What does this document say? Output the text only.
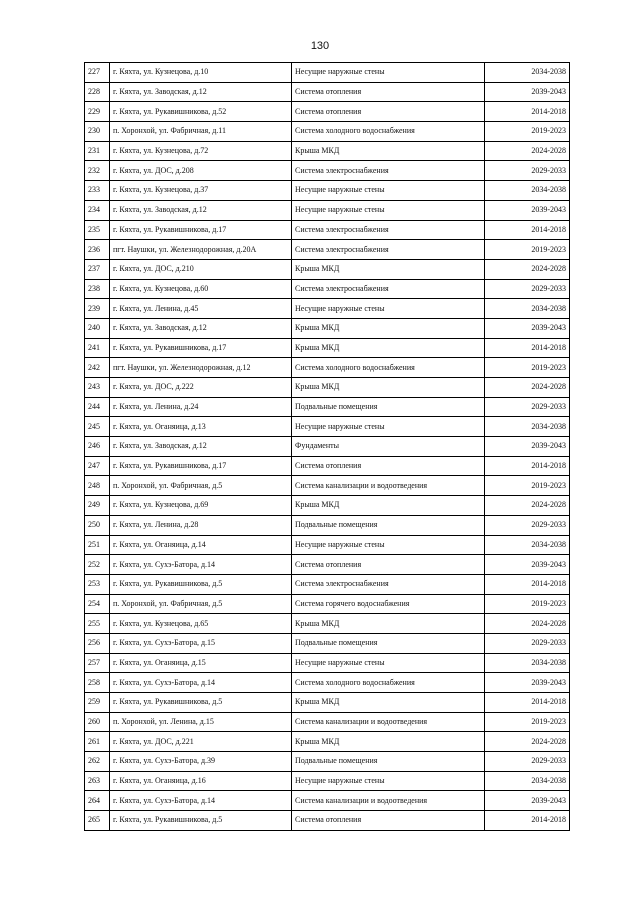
130
227	г. Кяхта, ул. Кузнецова, д.10	Несущие наружные стены	2034-2038
228	г. Кяхта, ул. Заводская, д.12	Система отопления	2039-2043
229	г. Кяхта, ул. Рукавишникова, д.52	Система отопления	2014-2018
230	п. Хоронхой, ул. Фабричная, д.11	Система холодного водоснабжения	2019-2023
231	г. Кяхта, ул. Кузнецова, д.72	Крыша МКД	2024-2028
232	г. Кяхта, ул. ДОС, д.208	Система электроснабжения	2029-2033
233	г. Кяхта, ул. Кузнецова, д.37	Несущие наружные стены	2034-2038
234	г. Кяхта, ул. Заводская, д.12	Несущие наружные стены	2039-2043
235	г. Кяхта, ул. Рукавишникова, д.17	Система электроснабжения	2014-2018
236	пгт. Наушки, ул. Железнодорожная, д.20А	Система электроснабжения	2019-2023
237	г. Кяхта, ул. ДОС, д.210	Крыша МКД	2024-2028
238	г. Кяхта, ул. Кузнецова, д.60	Система электроснабжения	2029-2033
239	г. Кяхта, ул. Ленина, д.45	Несущие наружные стены	2034-2038
240	г. Кяхта, ул. Заводская, д.12	Крыша МКД	2039-2043
241	г. Кяхта, ул. Рукавишникова, д.17	Крыша МКД	2014-2018
242	пгт. Наушки, ул. Железнодорожная, д.12	Система холодного водоснабжения	2019-2023
243	г. Кяхта, ул. ДОС, д.222	Крыша МКД	2024-2028
244	г. Кяхта, ул. Ленина, д.24	Подвальные помещения	2029-2033
245	г. Кяхта, ул. Оганяица, д.13	Несущие наружные стены	2034-2038
246	г. Кяхта, ул. Заводская, д.12	Фундаменты	2039-2043
247	г. Кяхта, ул. Рукавишникова, д.17	Система отопления	2014-2018
248	п. Хоронхой, ул. Фабричная, д.5	Система канализации и водоотведения	2019-2023
249	г. Кяхта, ул. Кузнецова, д.69	Крыша МКД	2024-2028
250	г. Кяхта, ул. Ленина, д.28	Подвальные помещения	2029-2033
251	г. Кяхта, ул. Оганяица, д.14	Несущие наружные стены	2034-2038
252	г. Кяхта, ул. Сухэ-Батора, д.14	Система отопления	2039-2043
253	г. Кяхта, ул. Рукавишникова, д.5	Система электроснабжения	2014-2018
254	п. Хоронхой, ул. Фабричная, д.5	Система горячего водоснабжения	2019-2023
255	г. Кяхта, ул. Кузнецова, д.65	Крыша МКД	2024-2028
256	г. Кяхта, ул. Сухэ-Батора, д.15	Подвальные помещения	2029-2033
257	г. Кяхта, ул. Оганяица, д.15	Несущие наружные стены	2034-2038
258	г. Кяхта, ул. Сухэ-Батора, д.14	Система холодного водоснабжения	2039-2043
259	г. Кяхта, ул. Рукавишникова, д.5	Крыша МКД	2014-2018
260	п. Хоронхой, ул. Ленина, д.15	Система канализации и водоотведения	2019-2023
261	г. Кяхта, ул. ДОС, д.221	Крыша МКД	2024-2028
262	г. Кяхта, ул. Сухэ-Батора, д.39	Подвальные помещения	2029-2033
263	г. Кяхта, ул. Оганяица, д.16	Несущие наружные стены	2034-2038
264	г. Кяхта, ул. Сухэ-Батора, д.14	Система канализации и водоотведения	2039-2043
265	г. Кяхта, ул. Рукавишникова, д.5	Система отопления	2014-2018
